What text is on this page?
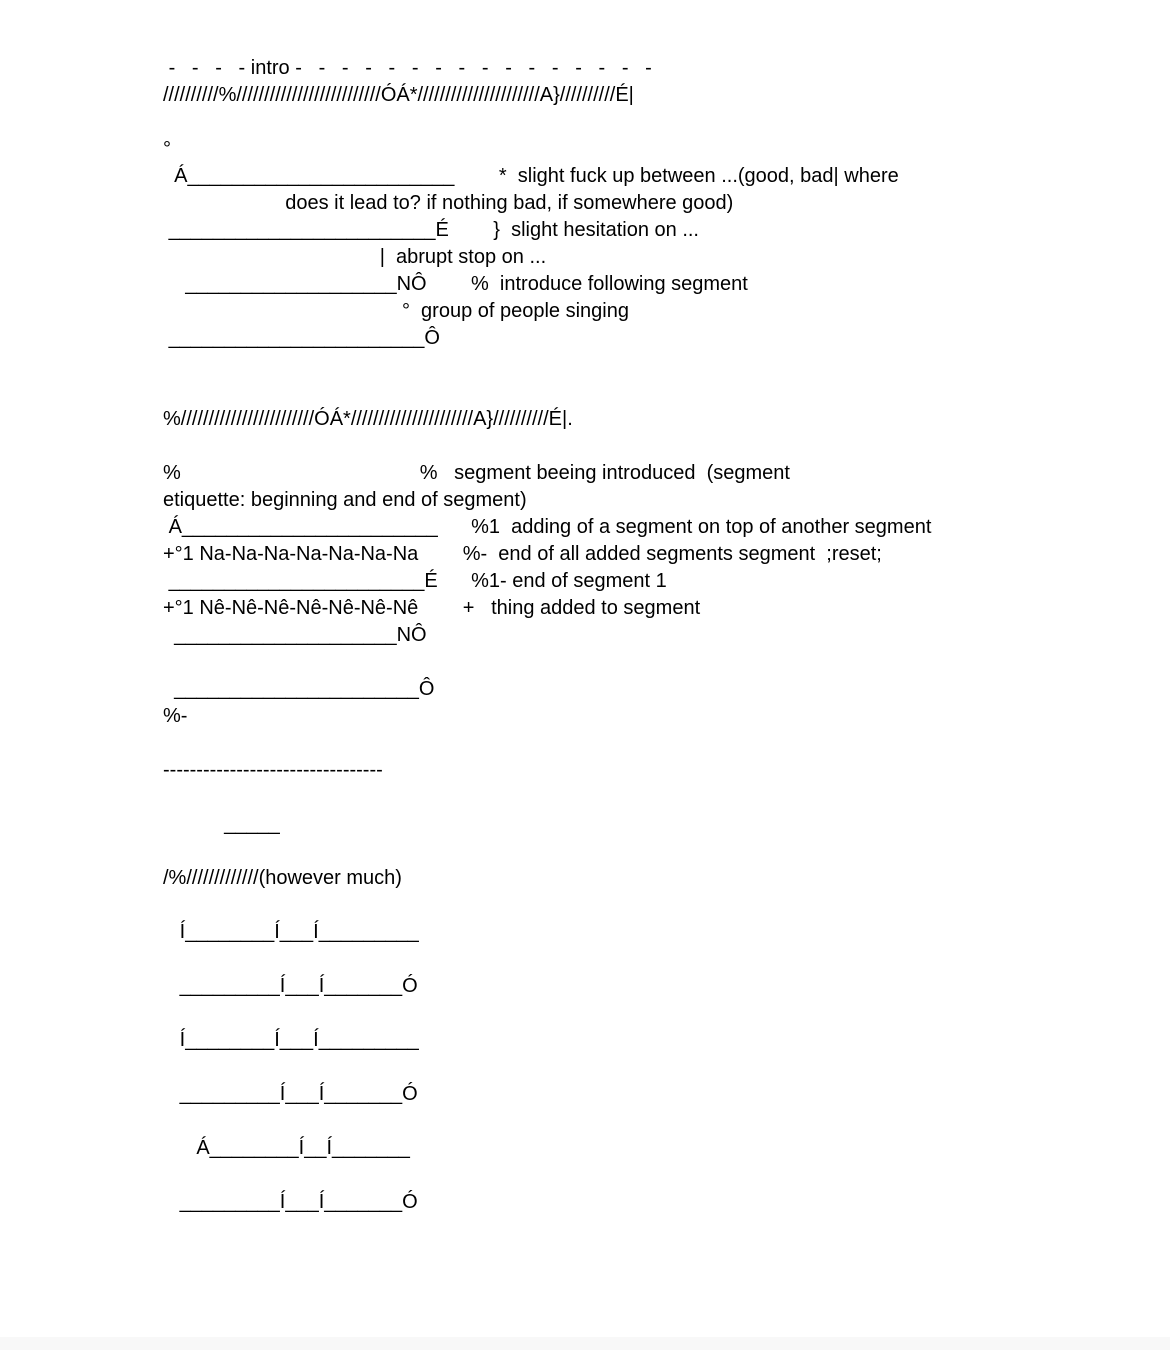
-   -   -   - intro -   -   -   -   -   -   -   -   -   -   -   -   -   -   -   -
//////////%//////////////////////////ÓÁ*//////////////////////A}//////////É|

°
Á________________________        *  slight fuck up between ...(good, bad| where
does it lead to? if nothing bad, if somewhere good)
________________________É        }  slight hesitation on ...
|  abrupt stop on ...
___________________NÔ        %  introduce following segment
°  group of people singing
_______________________Ô

%////////////////////////ÓÁ*//////////////////////A}//////////É|.

%                                           %   segment beeing introduced  (segment
etiquette: beginning and end of segment)
Á_______________________      %1  adding of a segment on top of another segment
+°1 Na-Na-Na-Na-Na-Na-Na        %-  end of all added segments segment  ;reset;
_______________________É      %1- end of segment 1
+°1 Nê-Nê-Nê-Nê-Nê-Nê-Nê        +   thing added to segment
____________________NÔ

______________________Ô
%-

---------------------------------

_____

/%/////////////(however much)

Í________Í___Í_________

_________Í___Í_______Ó

Í________Í___Í_________

_________Í___Í_______Ó

Á________Í__Í_______

_________Í___Í_______Ó
